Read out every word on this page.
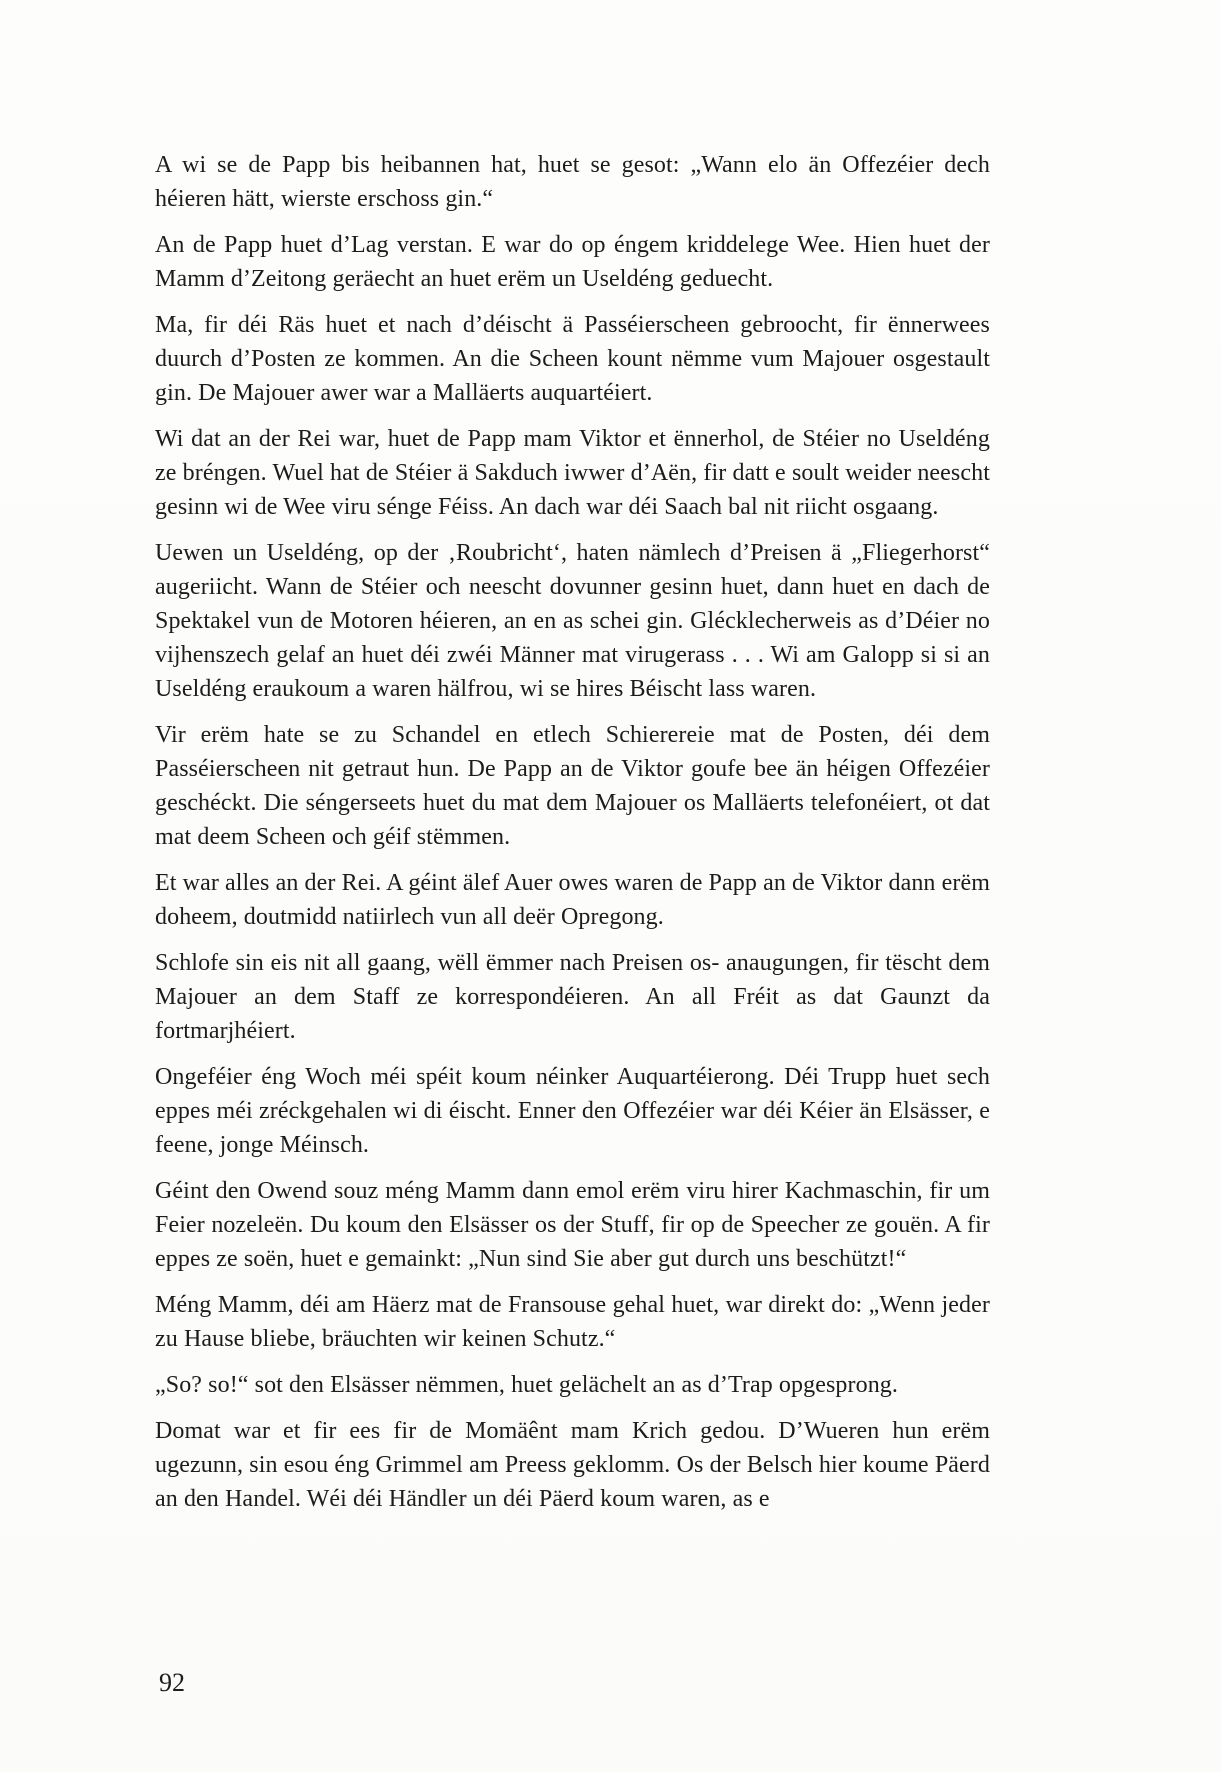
A wi se de Papp bis heibannen hat, huet se gesot: „Wann elo än Offezéier dech héieren hätt, wierste erschoss gin.“

An de Papp huet d’Lag verstan. E war do op éngem kriddelege Wee. Hien huet der Mamm d’Zeitong geräecht an huet erëm un Useldéng geduecht.

Ma, fir déi Räs huet et nach d’déischt ä Passéierscheen gebroocht, fir ënnerwees duurch d’Posten ze kommen. An die Scheen kount nëmme vum Majouer osgestault gin. De Majouer awer war a Malläerts auquartéiert.

Wi dat an der Rei war, huet de Papp mam Viktor et ënnerhol, de Stéier no Useldéng ze bréngen. Wuel hat de Stéier ä Sakduch iwwer d’Aën, fir datt e soult weider neescht gesinn wi de Wee viru sénge Féiss. An dach war déi Saach bal nit riicht osgaang.

Uewen un Useldéng, op der ‚Roubricht‘, haten nämlech d’Preisen ä „Fliegerhorst“ augeriicht. Wann de Stéier och neescht dovunner gesinn huet, dann huet en dach de Spektakel vun de Motoren héieren, an en as schei gin. Glécklecherweis as d’Déier no vijhenszech gelaf an huet déi zwéi Männer mat virugerass . . . Wi am Galopp si si an Useldéng eraukoum a waren hälfrou, wi se hires Béischt lass waren.

Vir erëm hate se zu Schandel en etlech Schierereie mat de Posten, déi dem Passéierscheen nit getraut hun. De Papp an de Viktor goufe bee än héigen Offezéier geschéckt. Die séngerseets huet du mat dem Majouer os Malläerts telefonéiert, ot dat mat deem Scheen och géif stëmmen.

Et war alles an der Rei. A géint älef Auer owes waren de Papp an de Viktor dann erëm doheem, doutmidd natiirlech vun all deër Opregong.

Schlofe sin eis nit all gaang, wëll ëmmer nach Preisen os- anaugungen, fir tëscht dem Majouer an dem Staff ze korrespondéieren. An all Fréit as dat Gaunzt da fortmarjhéiert.

Ongeféier éng Woch méi spéit koum néinker Auquartéierong. Déi Trupp huet sech eppes méi zréckgehalen wi di éischt. Enner den Offezéier war déi Kéier än Elsässer, e feene, jonge Méinsch.

Géint den Owend souz méng Mamm dann emol erëm viru hirer Kachmaschin, fir um Feier nozeleën. Du koum den Elsässer os der Stuff, fir op de Speecher ze gouën. A fir eppes ze soën, huet e gemainkt: „Nun sind Sie aber gut durch uns beschützt!“

Méng Mamm, déi am Häerz mat de Fransouse gehal huet, war direkt do: „Wenn jeder zu Hause bliebe, bräuchten wir keinen Schutz.“

„So? so!“ sot den Elsässer nëmmen, huet gelächelt an as d’Trap opgesprong.

Domat war et fir ees fir de Momäênt mam Krich gedou. D’Wueren hun erëm ugezunn, sin esou éng Grimmel am Preess geklomm. Os der Belsch hier koume Päerd an den Handel. Wéi déi Händler un déi Päerd koum waren, as e

92
